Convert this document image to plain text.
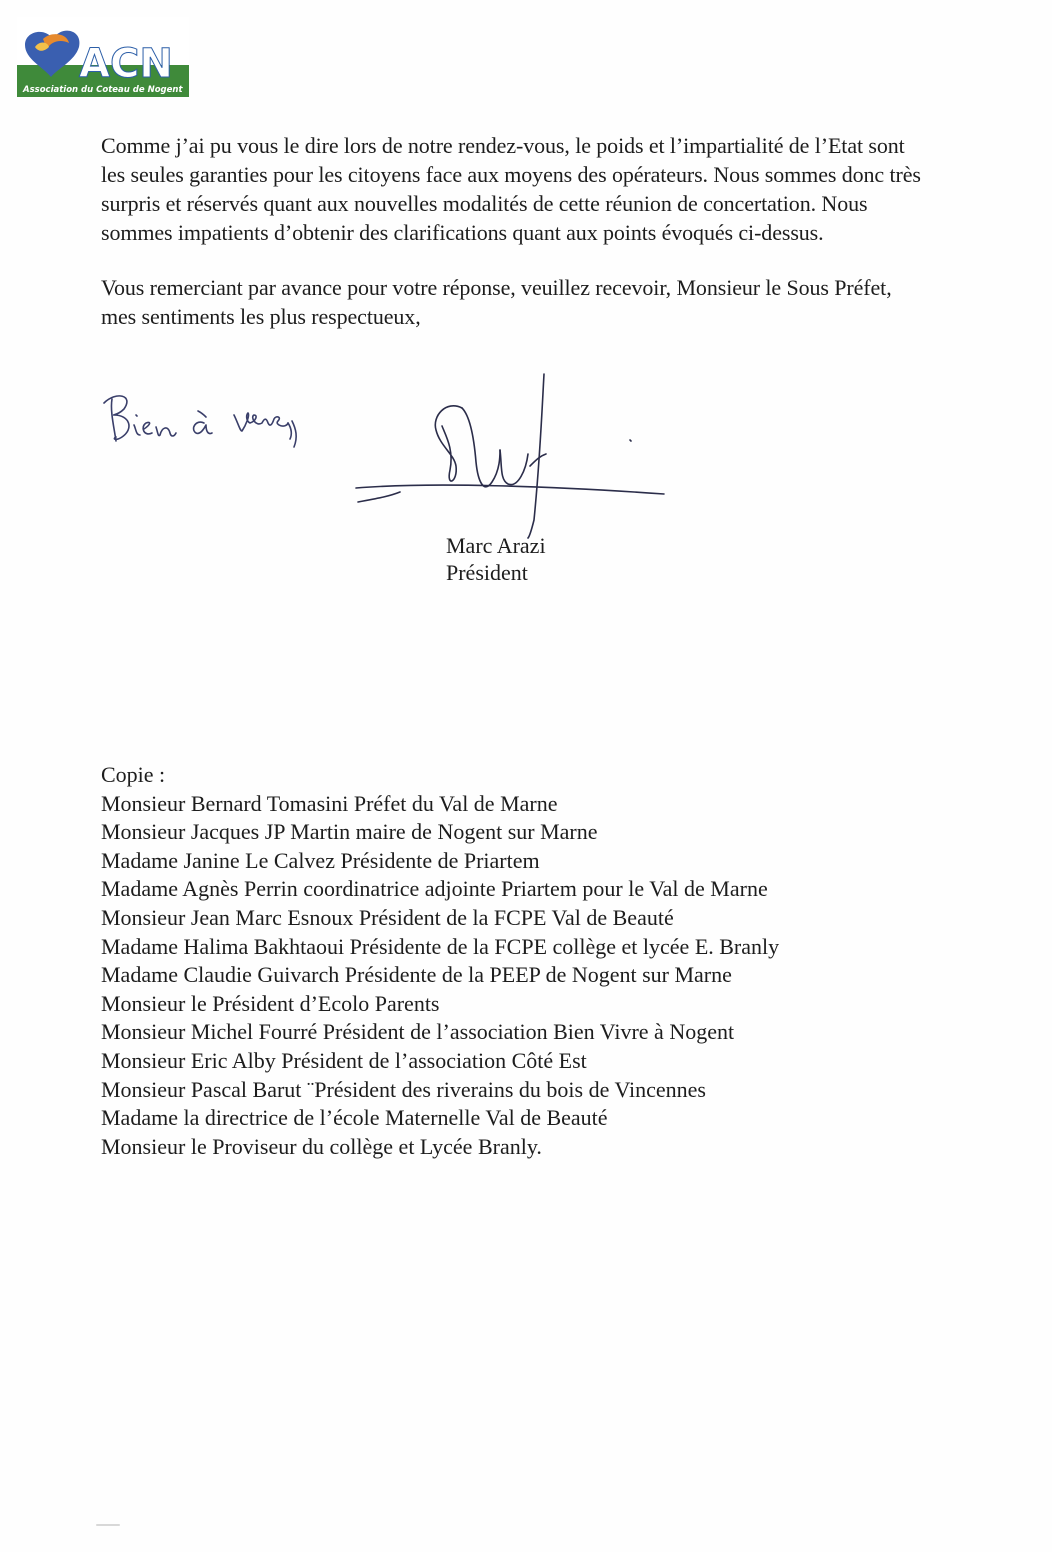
ACN
Association du Coteau de Nogent

Comme j’ai pu vous le dire lors de notre rendez-vous, le poids et l’impartialité de l’Etat sont
les seules garanties pour les citoyens face aux moyens des opérateurs. Nous sommes donc très
surpris et réservés quant aux nouvelles modalités de cette réunion de concertation. Nous
sommes impatients d’obtenir des clarifications quant aux points évoqués ci-dessus.

Vous remerciant par avance pour votre réponse, veuillez recevoir, Monsieur le Sous Préfet,
mes sentiments les plus respectueux,

Marc Arazi
Président
Copie :
Monsieur Bernard Tomasini Préfet du Val de Marne
Monsieur Jacques JP Martin maire de Nogent sur Marne
Madame Janine Le Calvez Présidente de Priartem
Madame Agnès Perrin coordinatrice adjointe Priartem pour le Val de Marne
Monsieur Jean Marc Esnoux Président de la FCPE Val de Beauté
Madame Halima Bakhtaoui Présidente de la FCPE collège et lycée E. Branly
Madame Claudie Guivarch Présidente de la PEEP de Nogent sur Marne
Monsieur le Président d’Ecolo Parents
Monsieur Michel Fourré Président de l’association Bien Vivre à Nogent
Monsieur Eric Alby Président de l’association Côté Est
Monsieur Pascal Barut ¨Président des riverains du bois de Vincennes
Madame la directrice de l’école Maternelle Val de Beauté
Monsieur le Proviseur du collège et Lycée Branly.
